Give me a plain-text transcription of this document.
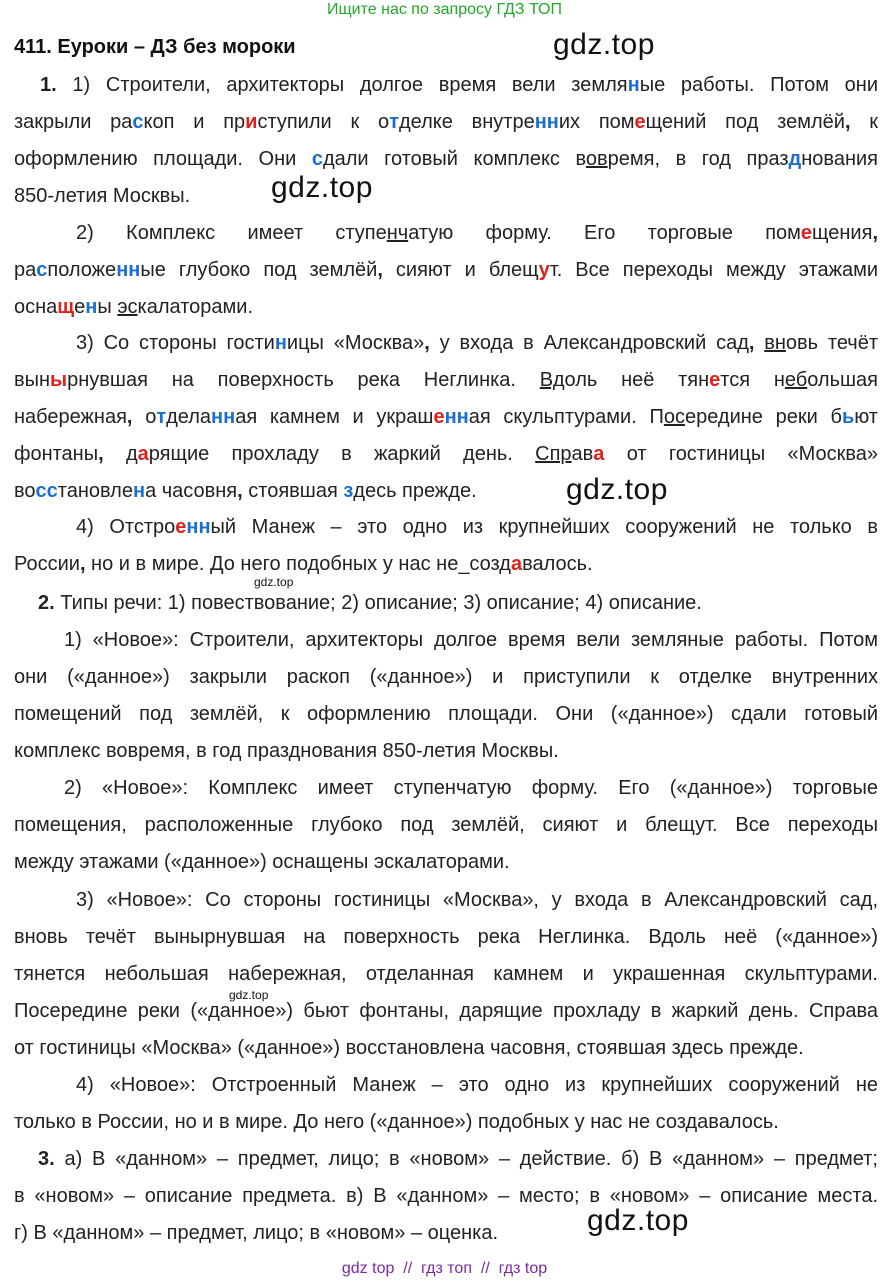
Ищите нас по запросу ГДЗ ТОП
411. Еуроки – ДЗ без мороки	gdz.top
gdz.top
gdz.top
gdz.top
gdz.top
gdz.top
1. 1) Строители, архитекторы долгое время вели земляные работы. Потом они
закрыли раскоп и приступили к отделке внутренних помещений под землёй, к
оформлению площади. Они сдали готовый комплекс вовремя, в год празднования
850-летия Москвы.
2) Комплекс имеет ступенчатую форму. Его торговые помещения,
расположенные глубоко под землёй, сияют и блещут. Все переходы между этажами
оснащены эскалаторами.
3) Со стороны гостиницы «Москва», у входа в Александровский сад, вновь течёт
вынырнувшая на поверхность река Неглинка. Вдоль неё тянется небольшая
набережная, отделанная камнем и украшенная скульптурами. Посередине реки бьют
фонтаны, дарящие прохладу в жаркий день. Справа от гостиницы «Москва»
восстановлена часовня, стоявшая здесь прежде.
4) Отстроенный Манеж – это одно из крупнейших сооружений не только в
России, но и в мире. До него подобных у нас не_создавалось.
2. Типы речи: 1) повествование; 2) описание; 3) описание; 4) описание.
1) «Новое»: Строители, архитекторы долгое время вели земляные работы. Потом
они («данное») закрыли раскоп («данное») и приступили к отделке внутренних
помещений под землёй, к оформлению площади. Они («данное») сдали готовый
комплекс вовремя, в год празднования 850-летия Москвы.
2) «Новое»: Комплекс имеет ступенчатую форму. Его («данное») торговые
помещения, расположенные глубоко под землёй, сияют и блещут. Все переходы
между этажами («данное») оснащены эскалаторами.
3) «Новое»: Со стороны гостиницы «Москва», у входа в Александровский сад,
вновь течёт вынырнувшая на поверхность река Неглинка. Вдоль неё («данное»)
тянется небольшая набережная, отделанная камнем и украшенная скульптурами.
Посередине реки («данное») бьют фонтаны, дарящие прохладу в жаркий день. Справа
от гостиницы «Москва» («данное») восстановлена часовня, стоявшая здесь прежде.
4) «Новое»: Отстроенный Манеж – это одно из крупнейших сооружений не
только в России, но и в мире. До него («данное») подобных у нас не создавалось.
3. а) В «данном» – предмет, лицо; в «новом» – действие. б) В «данном» – предмет;
в «новом» – описание предмета. в) В «данном» – место; в «новом» – описание места.
г) В «данном» – предмет, лицо; в «новом» – оценка.
gdz top  //  гдз топ  //  гдз top
